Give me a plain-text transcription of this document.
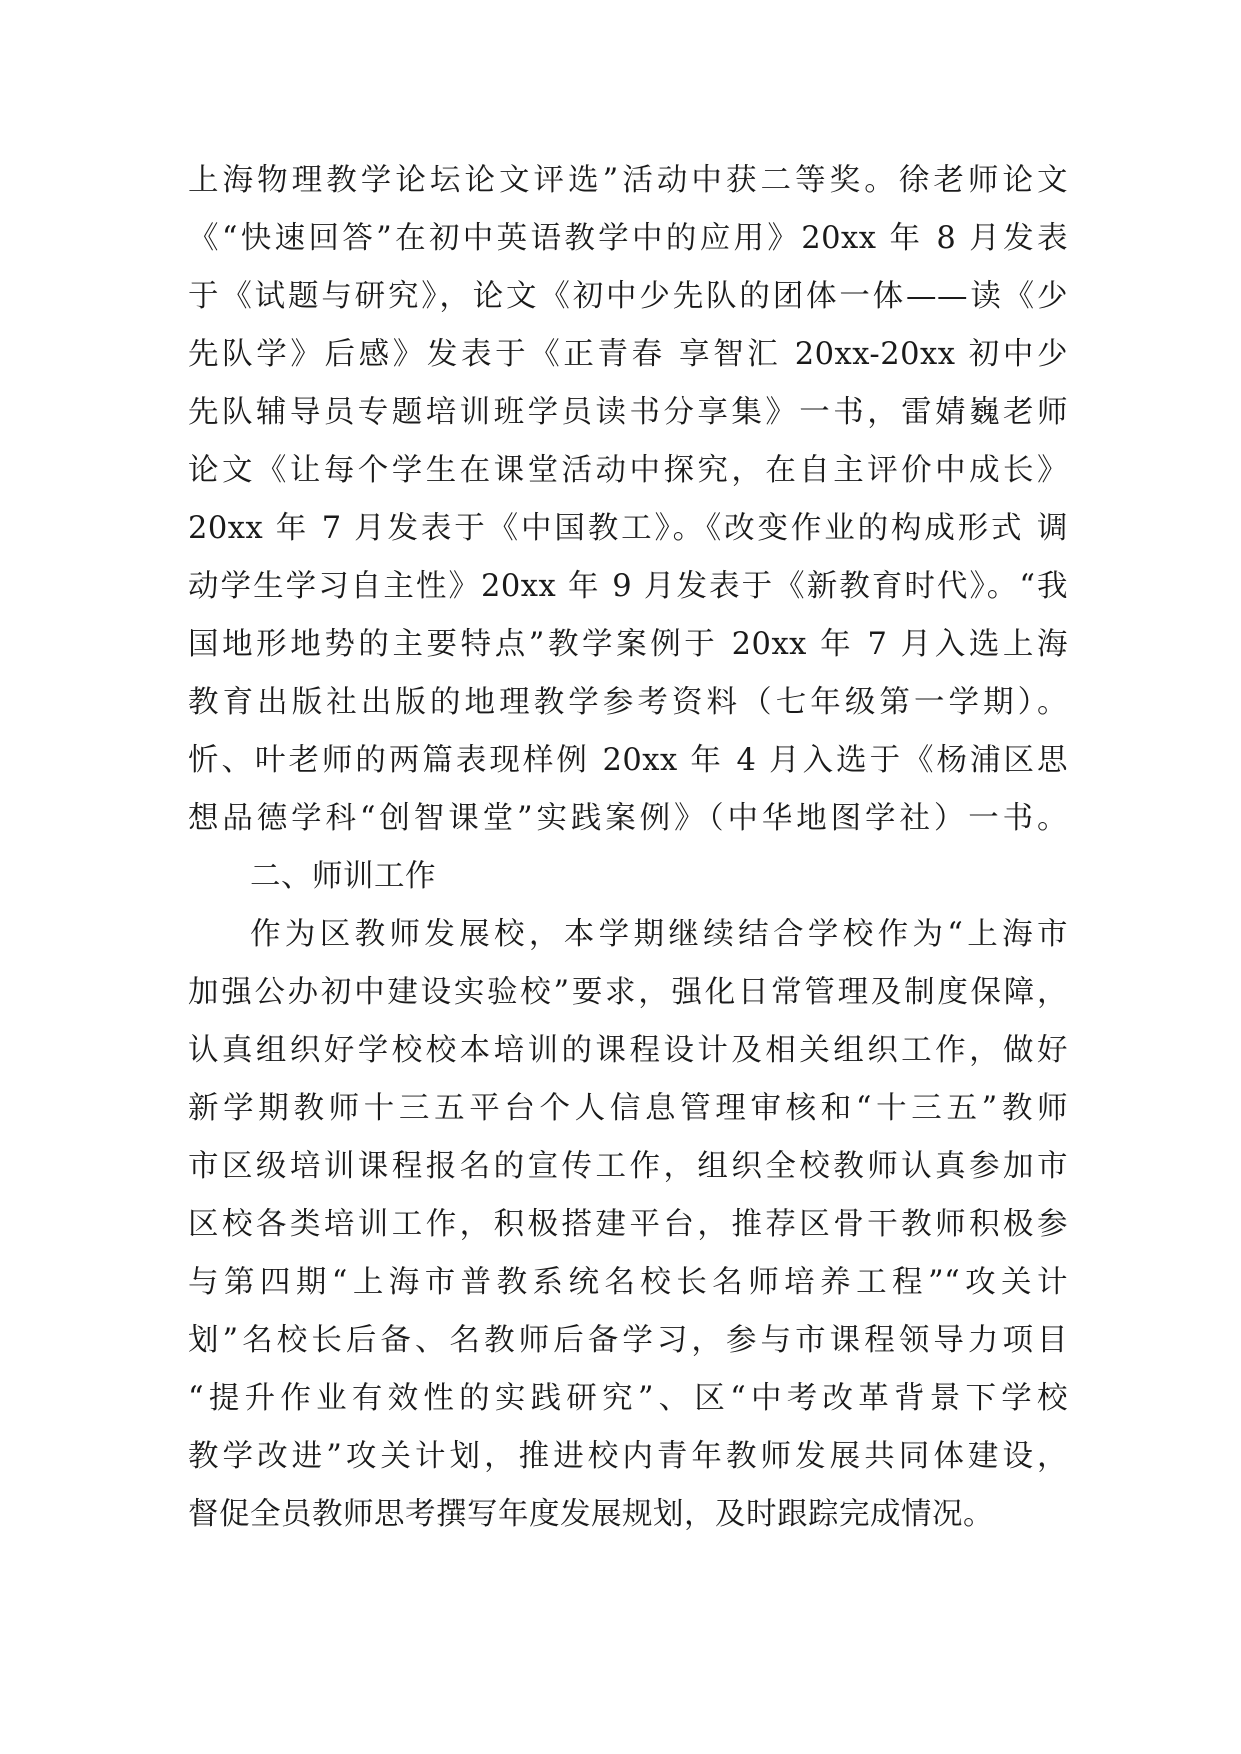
上海物理教学论坛论文评选”活动中获二等奖。徐老师论文
《“快速回答”在初中英语教学中的应用》20xx 年 8 月发表
于《试题与研究》，论文《初中少先队的团体一体——读《少
先队学》后感》发表于《正青春 享智汇 20xx-20xx 初中少
先队辅导员专题培训班学员读书分享集》一书，雷婧巍老师
论文《让每个学生在课堂活动中探究，在自主评价中成长》
20xx 年 7 月发表于《中国教工》。《改变作业的构成形式 调
动学生学习自主性》20xx 年 9 月发表于《新教育时代》。“我
国地形地势的主要特点”教学案例于 20xx 年 7 月入选上海
教育出版社出版的地理教学参考资料（七年级第一学期）。
忻、叶老师的两篇表现样例 20xx 年 4 月入选于《杨浦区思
想品德学科“创智课堂”实践案例》（中华地图学社）一书。
二、师训工作
作为区教师发展校，本学期继续结合学校作为“上海市
加强公办初中建设实验校”要求，强化日常管理及制度保障，
认真组织好学校校本培训的课程设计及相关组织工作，做好
新学期教师十三五平台个人信息管理审核和“十三五”教师
市区级培训课程报名的宣传工作，组织全校教师认真参加市
区校各类培训工作，积极搭建平台，推荐区骨干教师积极参
与第四期“上海市普教系统名校长名师培养工程”“攻关计
划”名校长后备、名教师后备学习，参与市课程领导力项目
“提升作业有效性的实践研究”、区“中考改革背景下学校
教学改进”攻关计划，推进校内青年教师发展共同体建设，
督促全员教师思考撰写年度发展规划，及时跟踪完成情况。
